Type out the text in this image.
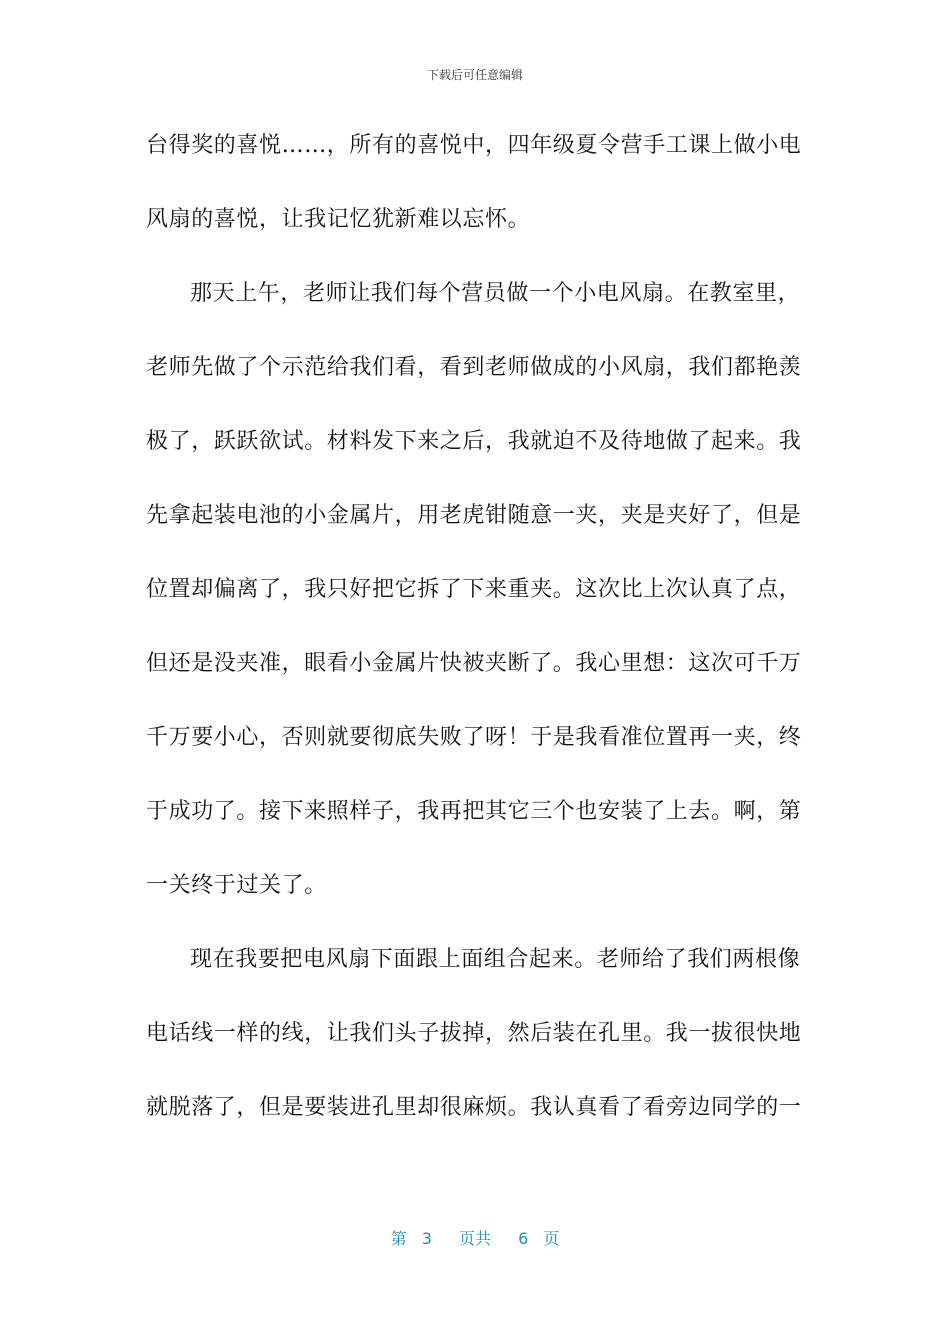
下载后可任意编辑
台得奖的喜悦……，所有的喜悦中，四年级夏令营手工课上做小电
风扇的喜悦，让我记忆犹新难以忘怀。
那天上午，老师让我们每个营员做一个小电风扇。在教室里，
老师先做了个示范给我们看，看到老师做成的小风扇，我们都艳羡
极了，跃跃欲试。材料发下来之后，我就迫不及待地做了起来。我
先拿起装电池的小金属片，用老虎钳随意一夹，夹是夹好了，但是
位置却偏离了，我只好把它拆了下来重夹。这次比上次认真了点，
但还是没夹准，眼看小金属片快被夹断了。我心里想：这次可千万
千万要小心，否则就要彻底失败了呀！于是我看准位置再一夹，终
于成功了。接下来照样子，我再把其它三个也安装了上去。啊，第
一关终于过关了。
现在我要把电风扇下面跟上面组合起来。老师给了我们两根像
电话线一样的线，让我们头子拔掉，然后装在孔里。我一拔很快地
就脱落了，但是要装进孔里却很麻烦。我认真看了看旁边同学的一
第 3 页共 6 页
